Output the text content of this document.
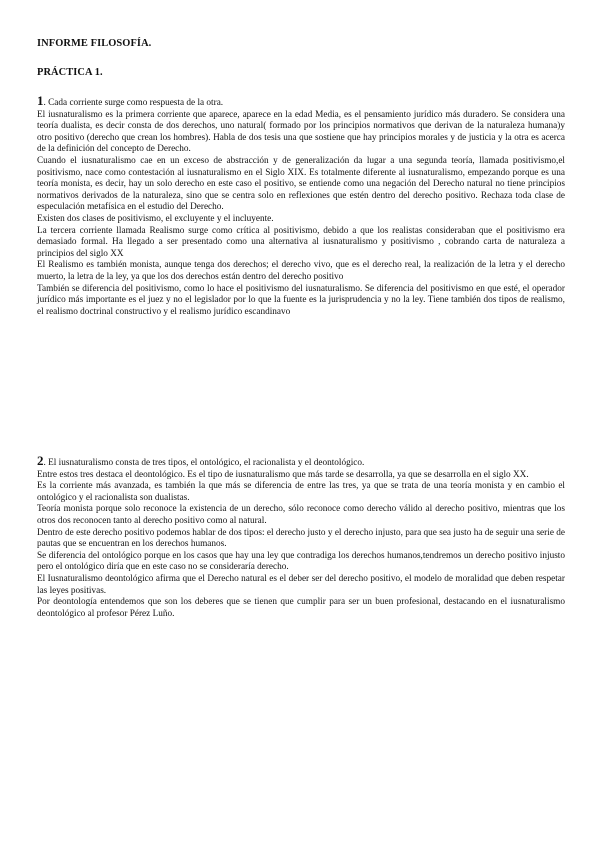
INFORME FILOSOFÍA.
PRÁCTICA 1.

1. Cada corriente surge como respuesta de la otra.

El iusnaturalismo es la primera corriente que aparece, aparece en la edad Media, es el pensamiento jurídico más duradero. Se considera una teoría dualista, es decir consta de dos derechos, uno natural( formado por los principios normativos que derivan de la naturaleza humana)y otro positivo (derecho que crean los hombres). Habla de dos tesis una que sostiene que hay principios morales y de justicia y la otra es acerca de la definición del concepto de Derecho.

Cuando el iusnaturalismo cae en un exceso de abstracción y de generalización da lugar a una segunda teoría, llamada positivismo,el positivismo, nace como contestación al iusnaturalismo en el Siglo XIX. Es totalmente diferente al iusnaturalismo, empezando porque es una teoría monista, es decir, hay un solo derecho en este caso el positivo, se entiende como una negación del Derecho natural no tiene principios normativos derivados de la naturaleza, sino que se centra solo en reflexiones que estén dentro del derecho positivo. Rechaza toda clase de especulación metafísica en el estudio del Derecho.

Existen dos clases de positivismo, el excluyente y el incluyente.

La tercera corriente llamada Realismo surge como crítica al positivismo, debido a que los realistas consideraban que el positivismo era demasiado formal. Ha llegado a ser presentado como una alternativa al iusnaturalismo y positivismo , cobrando carta de naturaleza a principios del siglo XX

El Realismo es también monista, aunque tenga dos derechos; el derecho vivo, que es el derecho real, la realización de la letra y el derecho muerto, la letra de la ley, ya que los dos derechos están dentro del derecho positivo

También se diferencia del positivismo, como lo hace el positivismo del iusnaturalismo. Se diferencia del positivismo en que esté, el operador jurídico más importante es el juez y no el legislador por lo que la fuente es la jurisprudencia y no la ley. Tiene también dos tipos de realismo, el realismo doctrinal constructivo y el realismo jurídico escandinavo

2. El iusnaturalismo consta de tres tipos, el ontológico, el racionalista y el deontológico.

Entre estos tres destaca el deontológico. Es el tipo de iusnaturalismo que más tarde se desarrolla, ya que se desarrolla en el siglo XX.

Es la corriente más avanzada, es también la que más se diferencia de entre las tres, ya que se trata de una teoría monista y en cambio el ontológico y el racionalista son dualistas.

Teoría monista porque solo reconoce la existencia de un derecho, sólo reconoce como derecho válido al derecho positivo, mientras que los otros dos reconocen tanto al derecho positivo como al natural.

Dentro de este derecho positivo podemos hablar de dos tipos: el derecho justo y el derecho injusto, para que sea justo ha de seguir una serie de pautas que se encuentran en los derechos humanos.

Se diferencia del ontológico porque en los casos que hay una ley que contradiga los derechos humanos,tendremos un derecho positivo injusto pero el ontológico diría que en este caso no se consideraría derecho.

El Iusnaturalismo deontológico afirma que el Derecho natural es el deber ser del derecho positivo, el modelo de moralidad que deben respetar las leyes positivas.

Por deontología entendemos que son los deberes que se tienen que cumplir para ser un buen profesional, destacando en el iusnaturalismo deontológico al profesor Pérez Luño.
